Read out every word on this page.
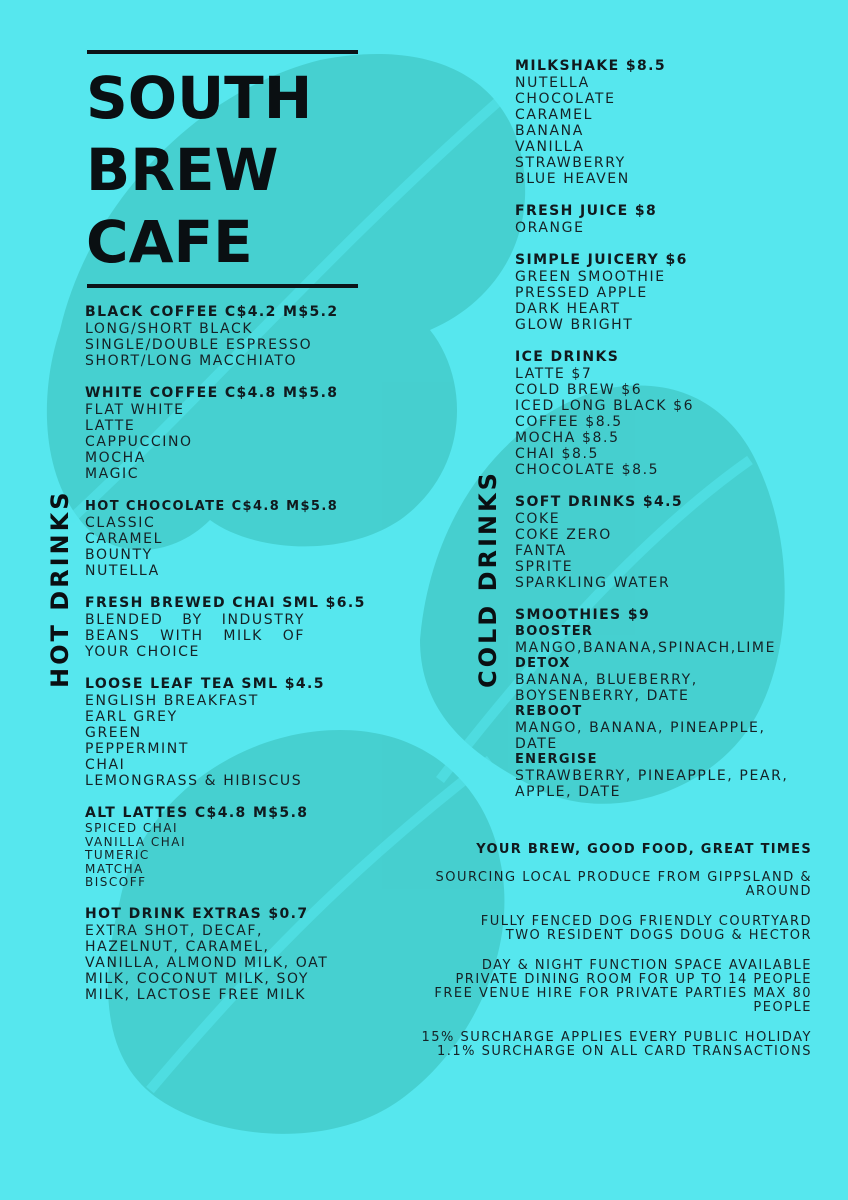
SOUTH
BREW
CAFE
HOT DRINKS	COLD DRINKS
BLACK COFFEE C$4.2 M$5.2
LONG/SHORT BLACK
SINGLE/DOUBLE ESPRESSO
SHORT/LONG MACCHIATO
WHITE COFFEE C$4.8 M$5.8
FLAT WHITE
LATTE
CAPPUCCINO
MOCHA
MAGIC
HOT CHOCOLATE C$4.8 M$5.8
CLASSIC
CARAMEL
BOUNTY
NUTELLA
FRESH BREWED CHAI SML $6.5
BLENDED BY INDUSTRY BEANS WITH MILK OF YOUR CHOICE
LOOSE LEAF TEA SML $4.5
ENGLISH BREAKFAST
EARL GREY
GREEN
PEPPERMINT
CHAI
LEMONGRASS & HIBISCUS
ALT LATTES C$4.8 M$5.8
SPICED CHAI
VANILLA CHAI
TUMERIC
MATCHA
BISCOFF
HOT DRINK EXTRAS $0.7
EXTRA SHOT, DECAF,
HAZELNUT, CARAMEL,
VANILLA, ALMOND MILK, OAT
MILK, COCONUT MILK, SOY
MILK, LACTOSE FREE MILK
MILKSHAKE $8.5
NUTELLA
CHOCOLATE
CARAMEL
BANANA
VANILLA
STRAWBERRY
BLUE HEAVEN
FRESH JUICE $8
ORANGE
SIMPLE JUICERY $6
GREEN SMOOTHIE
PRESSED APPLE
DARK HEART
GLOW BRIGHT
ICE DRINKS
LATTE $7
COLD BREW $6
ICED LONG BLACK $6
COFFEE $8.5
MOCHA $8.5
CHAI $8.5
CHOCOLATE $8.5
SOFT DRINKS $4.5
COKE
COKE ZERO
FANTA
SPRITE
SPARKLING WATER
SMOOTHIES $9
BOOSTER
MANGO,BANANA,SPINACH,LIME
DETOX
BANANA, BLUEBERRY,
BOYSENBERRY, DATE
REBOOT
MANGO, BANANA, PINEAPPLE,
DATE
ENERGISE
STRAWBERRY, PINEAPPLE, PEAR,
APPLE, DATE
YOUR BREW, GOOD FOOD, GREAT TIMES
SOURCING LOCAL PRODUCE FROM GIPPSLAND &
AROUND
FULLY FENCED DOG FRIENDLY COURTYARD
TWO RESIDENT DOGS DOUG & HECTOR
DAY & NIGHT FUNCTION SPACE AVAILABLE
PRIVATE DINING ROOM FOR UP TO 14 PEOPLE
FREE VENUE HIRE FOR PRIVATE PARTIES MAX 80
PEOPLE
15% SURCHARGE APPLIES EVERY PUBLIC HOLIDAY
1.1% SURCHARGE ON ALL CARD TRANSACTIONS
